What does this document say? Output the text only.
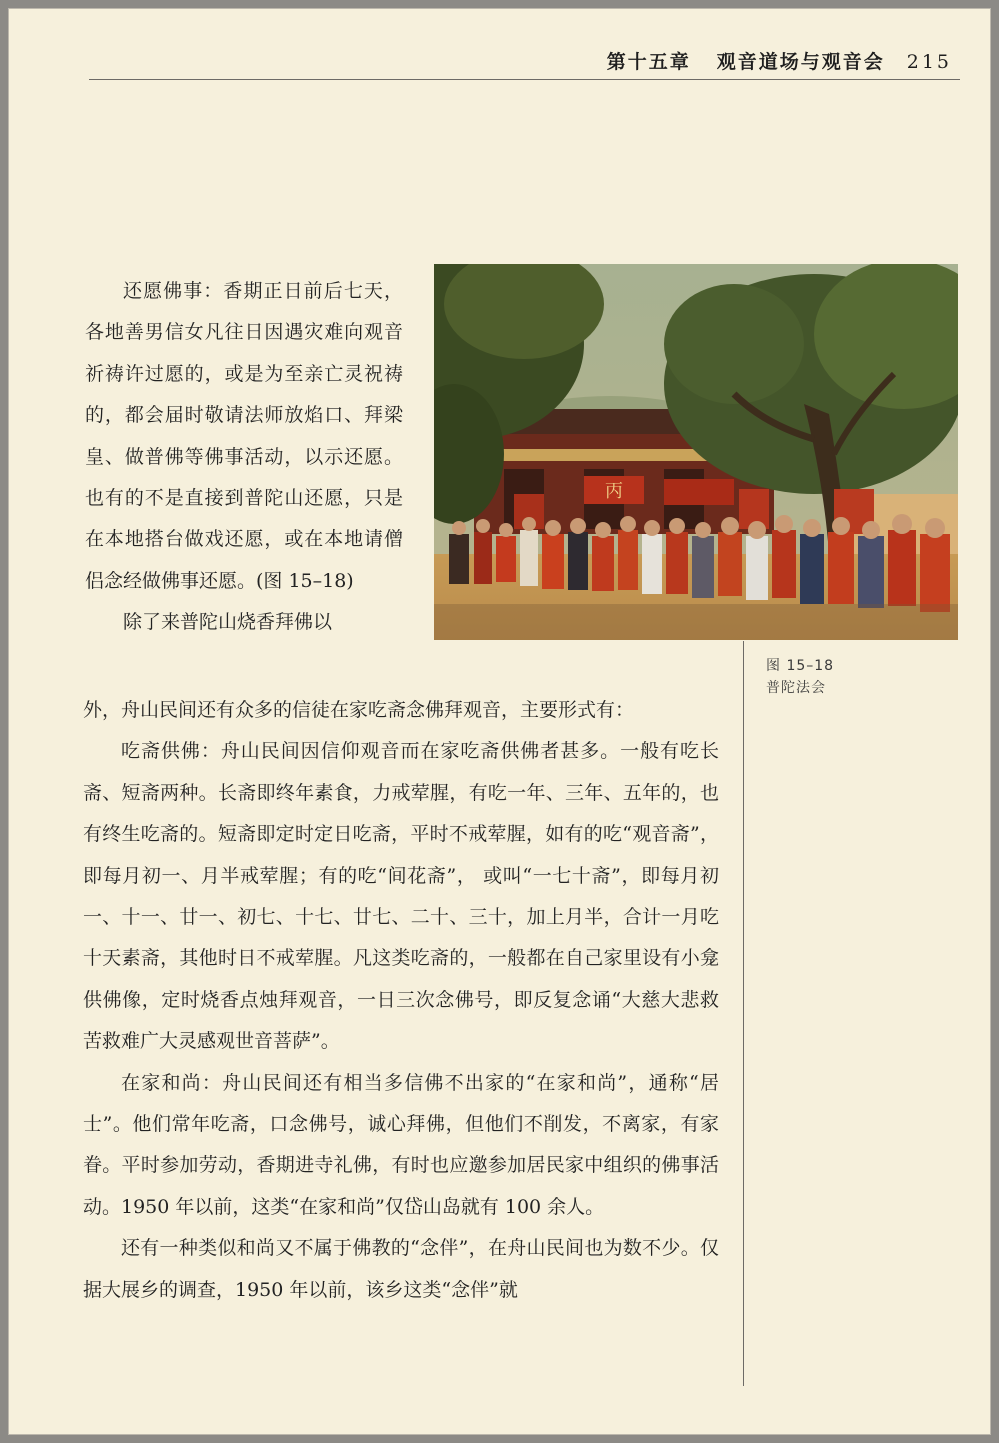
第十五章 观音道场与观音会 215
丙
图 15–18
普陀法会

还愿佛事：香期正日前后七天，各地善男信女凡往日因遇灾难向观音祈祷许过愿的，或是为至亲亡灵祝祷的，都会届时敬请法师放焰口、拜梁皇、做普佛等佛事活动，以示还愿。也有的不是直接到普陀山还愿，只是在本地搭台做戏还愿，或在本地请僧侣念经做佛事还愿。(图 15–18)

除了来普陀山烧香拜佛以

外，舟山民间还有众多的信徒在家吃斋念佛拜观音，主要形式有：

吃斋供佛：舟山民间因信仰观音而在家吃斋供佛者甚多。一般有吃长斋、短斋两种。长斋即终年素食，力戒荤腥，有吃一年、三年、五年的，也有终生吃斋的。短斋即定时定日吃斋，平时不戒荤腥，如有的吃“观音斋”，即每月初一、月半戒荤腥；有的吃“间花斋”， 或叫“一七十斋”，即每月初一、十一、廿一、初七、十七、廿七、二十、三十，加上月半，合计一月吃十天素斋，其他时日不戒荤腥。凡这类吃斋的，一般都在自己家里设有小龛供佛像，定时烧香点烛拜观音，一日三次念佛号，即反复念诵“大慈大悲救苦救难广大灵感观世音菩萨”。

在家和尚：舟山民间还有相当多信佛不出家的“在家和尚”，通称“居士”。他们常年吃斋，口念佛号，诚心拜佛，但他们不削发，不离家，有家眷。平时参加劳动，香期进寺礼佛，有时也应邀参加居民家中组织的佛事活动。1950 年以前，这类“在家和尚”仅岱山岛就有 100 余人。

还有一种类似和尚又不属于佛教的“念伴”，在舟山民间也为数不少。仅据大展乡的调查，1950 年以前，该乡这类“念伴”就
